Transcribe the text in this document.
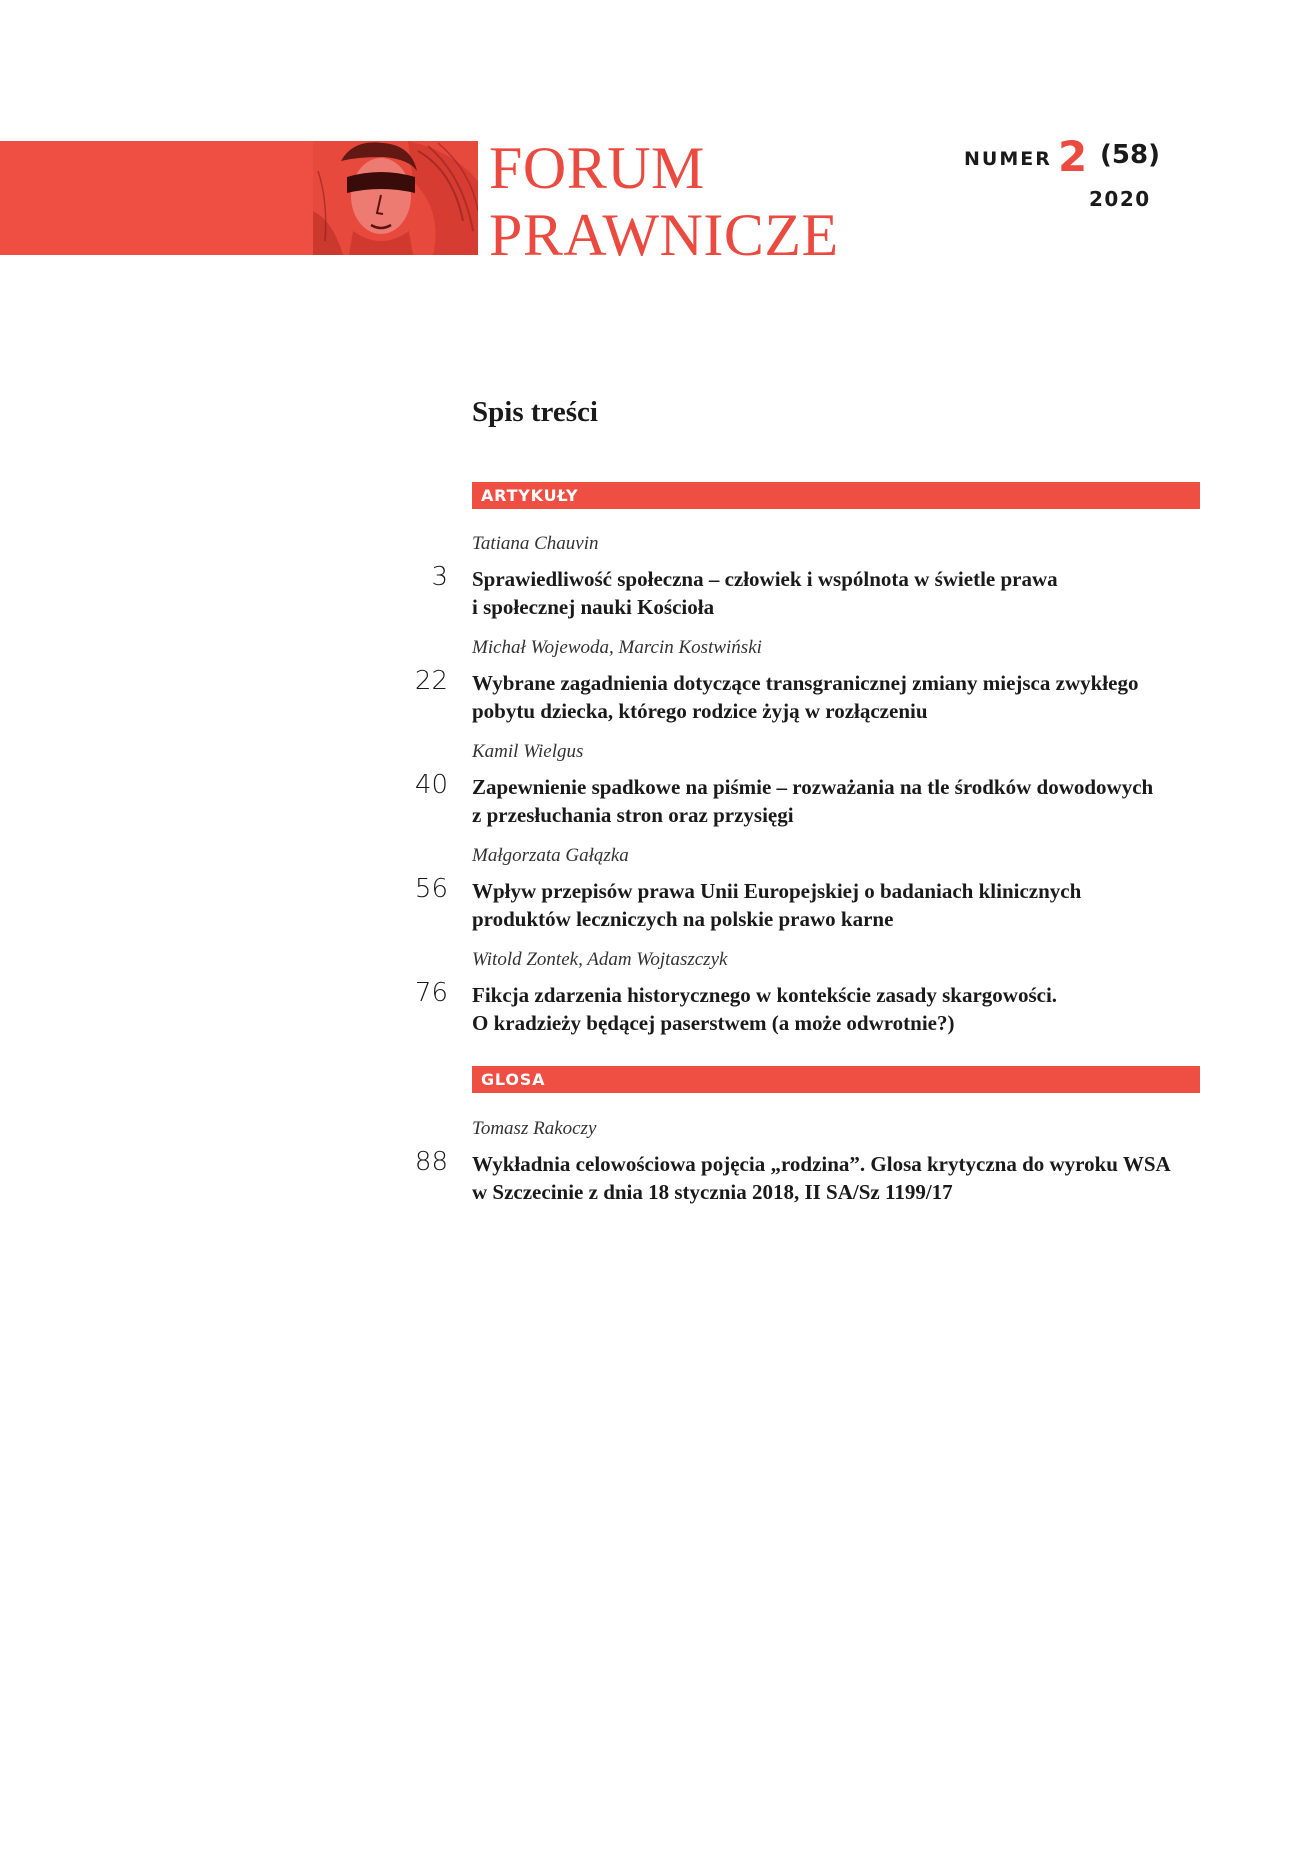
FORUM
PRAWNICZE
NUMER 2 (58)
2020
Spis treści
ARTYKUŁY
Tatiana Chauvin
3 Sprawiedliwość społeczna – człowiek i wspólnota w świetle prawa
i społecznej nauki Kościoła
Michał Wojewoda, Marcin Kostwiński
22 Wybrane zagadnienia dotyczące transgranicznej zmiany miejsca zwykłego
pobytu dziecka, którego rodzice żyją w rozłączeniu
Kamil Wielgus
40 Zapewnienie spadkowe na piśmie – rozważania na tle środków dowodowych
z przesłuchania stron oraz przysięgi
Małgorzata Gałązka
56 Wpływ przepisów prawa Unii Europejskiej o badaniach klinicznych
produktów leczniczych na polskie prawo karne
Witold Zontek, Adam Wojtaszczyk
76 Fikcja zdarzenia historycznego w kontekście zasady skargowości.
O kradzieży będącej paserstwem (a może odwrotnie?)
GLOSA
Tomasz Rakoczy
88 Wykładnia celowościowa pojęcia „rodzina”. Glosa krytyczna do wyroku WSA
w Szczecinie z dnia 18 stycznia 2018, II SA/Sz 1199/17
